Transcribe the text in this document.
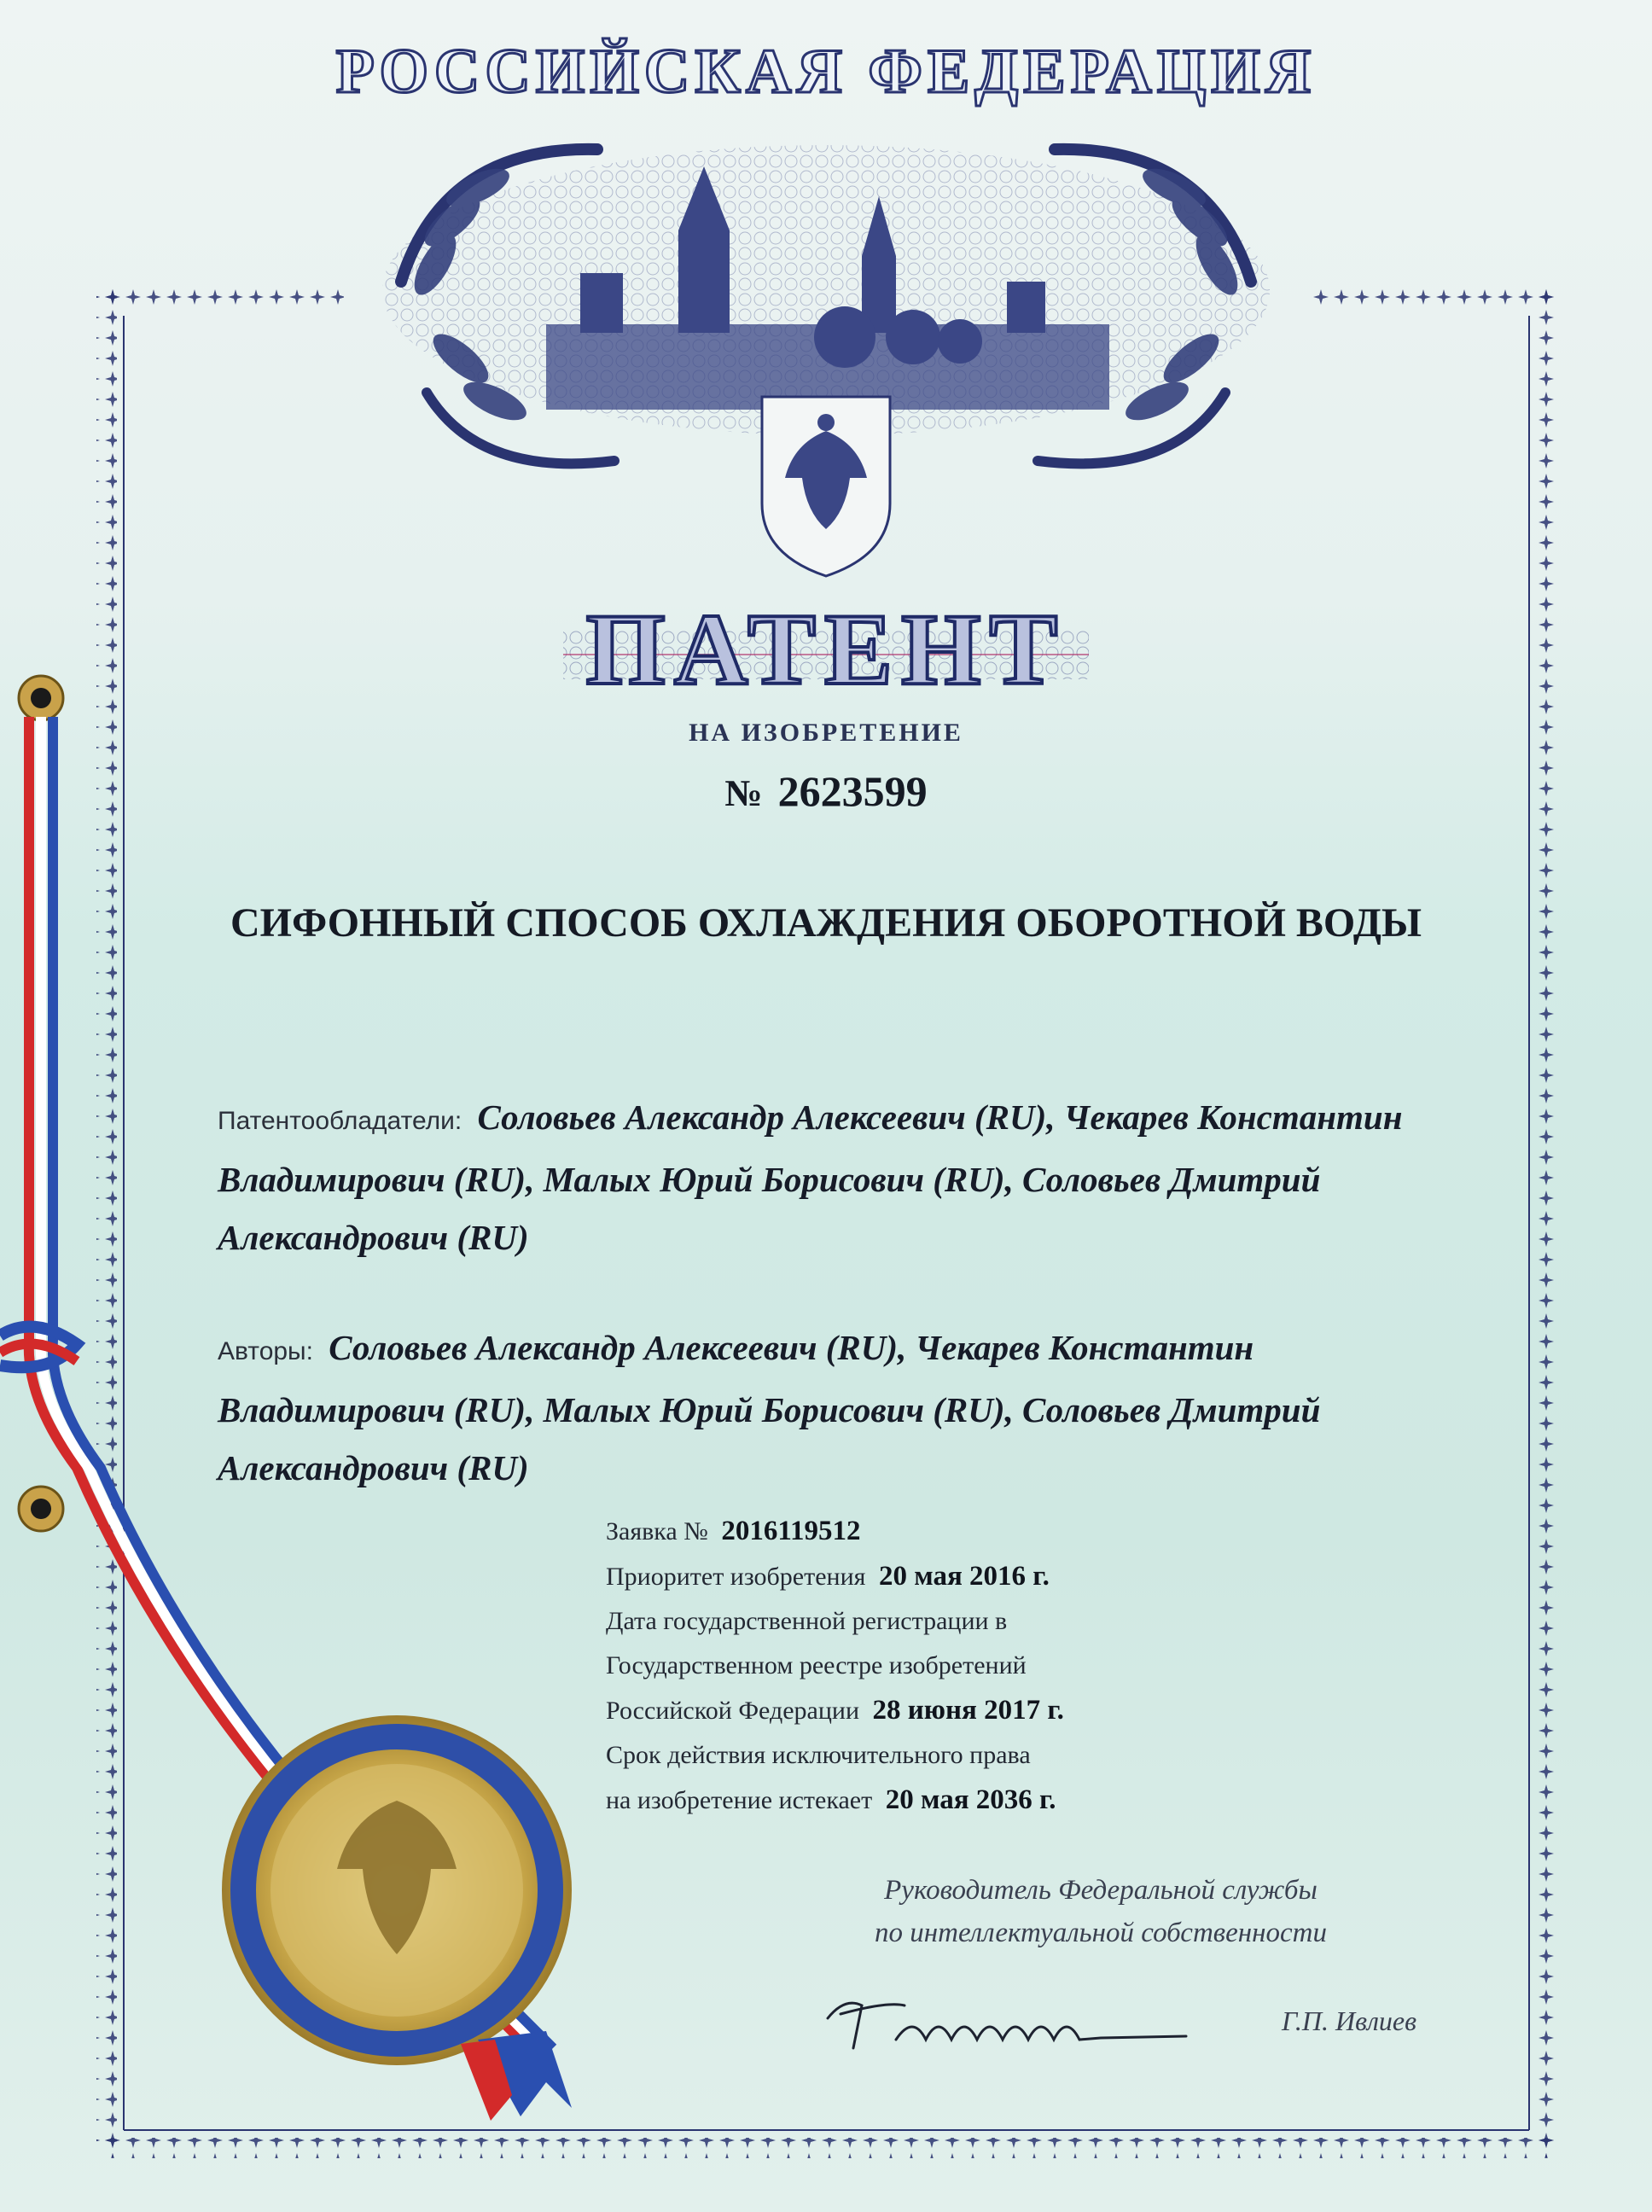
РОССИЙСКАЯ ФЕДЕРАЦИЯ
ПАТЕНТ
НА ИЗОБРЕТЕНИЕ
№ 2623599
СИФОННЫЙ СПОСОБ ОХЛАЖДЕНИЯ ОБОРОТНОЙ ВОДЫ
Патентообладатели: Соловьев Александр Алексеевич (RU), Чекарев Константин Владимирович (RU), Малых Юрий Борисович (RU), Соловьев Дмитрий Александрович (RU)
Авторы: Соловьев Александр Алексеевич (RU), Чекарев Константин Владимирович (RU), Малых Юрий Борисович (RU), Соловьев Дмитрий Александрович (RU)
Заявка № 2016119512
Приоритет изобретения 20 мая 2016 г.
Дата государственной регистрации в
Государственном реестре изобретений
Российской Федерации 28 июня 2017 г.
Срок действия исключительного права
на изобретение истекает 20 мая 2036 г.
Руководитель Федеральной службы
по интеллектуальной собственности
Г.П. Ивлиев
